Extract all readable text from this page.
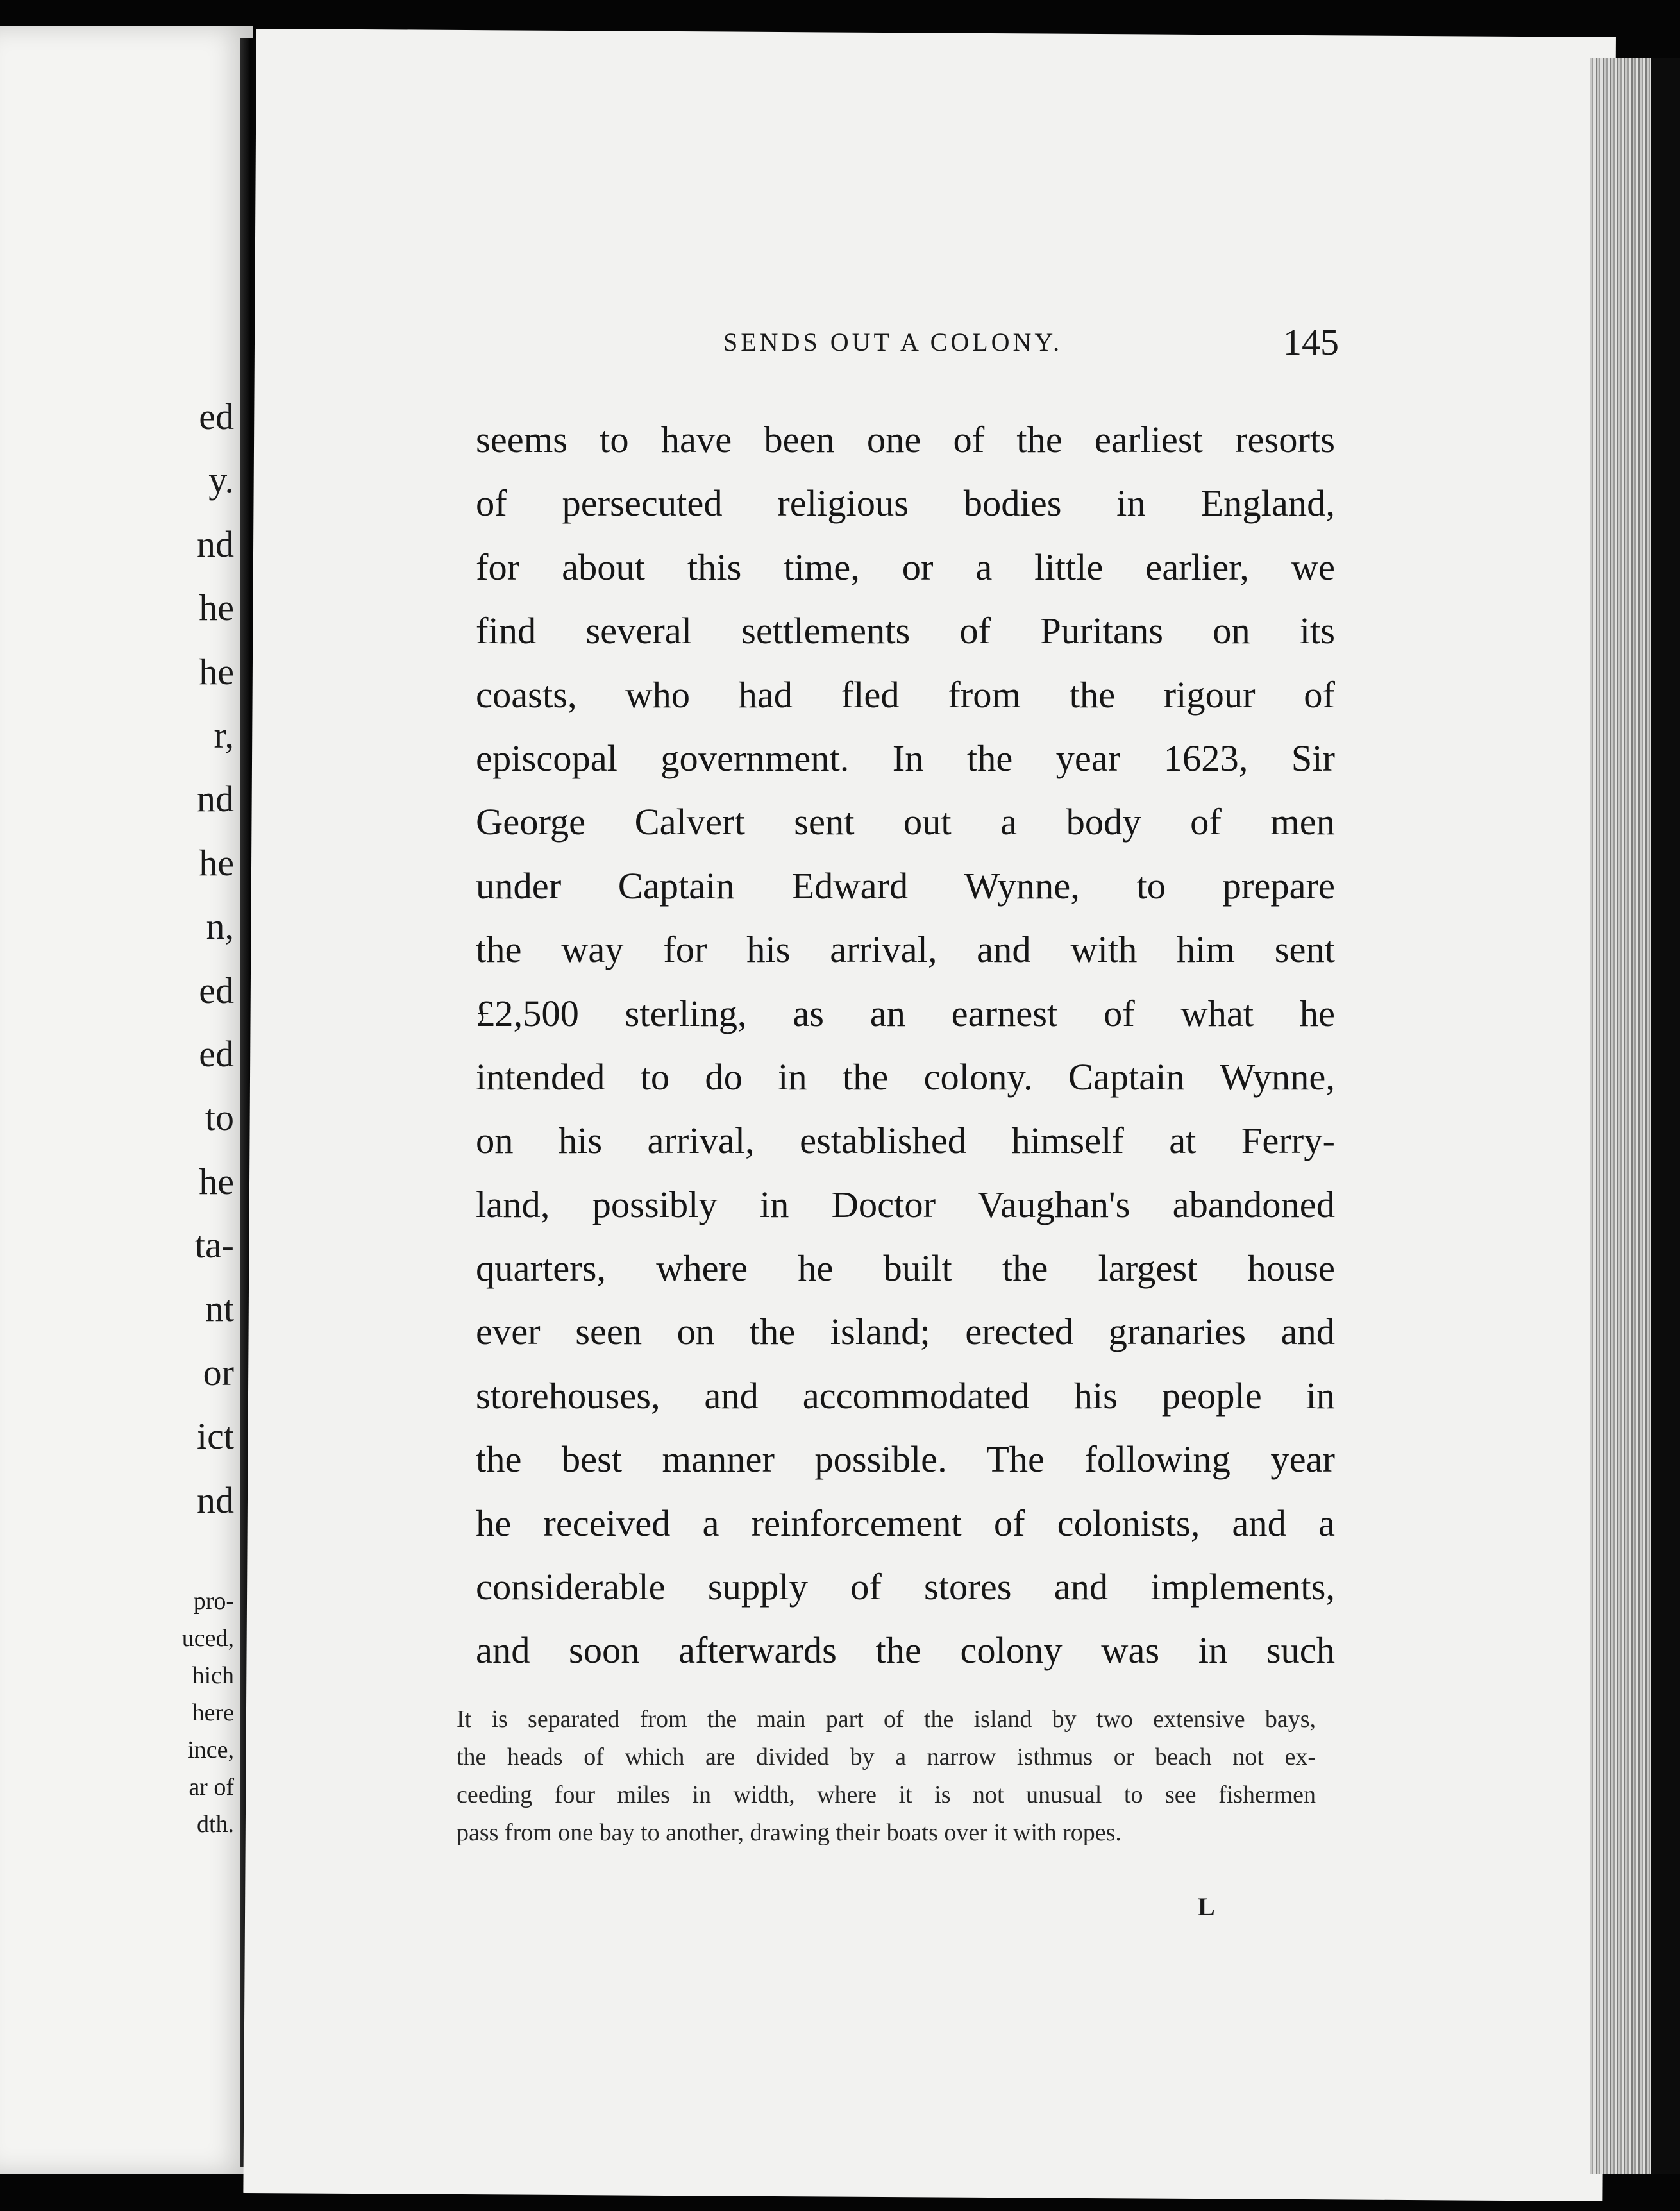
ed
y.
nd
he
he
r,
nd
he
n,
ed
ed
to
he
ta-
nt
or
ict
nd
pro-
uced,
hich
here
ince,
ar of
dth.
SENDS OUT A COLONY.	145
seems to have been one of the earliest resorts
of persecuted religious bodies in England,
for about this time, or a little earlier, we
find several settlements of Puritans on its
coasts, who had fled from the rigour of
episcopal government. In the year 1623, Sir
George Calvert sent out a body of men
under Captain Edward Wynne, to prepare
the way for his arrival, and with him sent
£2,500 sterling, as an earnest of what he
intended to do in the colony. Captain Wynne,
on his arrival, established himself at Ferry-
land, possibly in Doctor Vaughan's abandoned
quarters, where he built the largest house
ever seen on the island; erected granaries and
storehouses, and accommodated his people in
the best manner possible. The following year
he received a reinforcement of colonists, and a
considerable supply of stores and implements,
and soon afterwards the colony was in such
It is separated from the main part of the island by two extensive bays,
the heads of which are divided by a narrow isthmus or beach not ex-
ceeding four miles in width, where it is not unusual to see fishermen
pass from one bay to another, drawing their boats over it with ropes.
L
